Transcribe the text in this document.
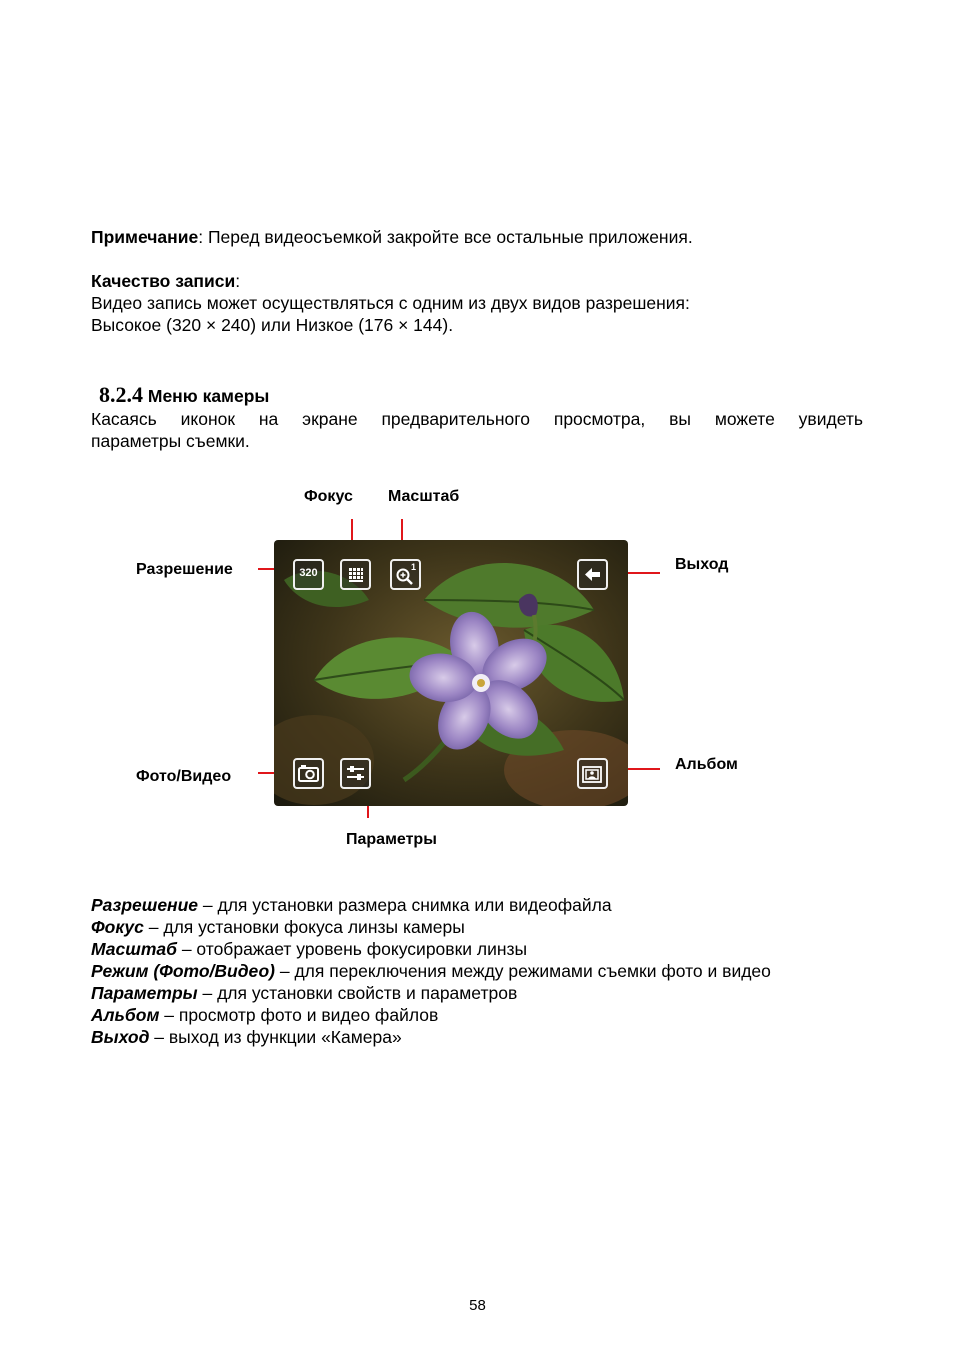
Примечание: Перед видеосъемкой закройте все остальные приложения.
Качество записи:
Видео запись может осуществляться с одним из двух видов разрешения:
Высокое (320 × 240) или Низкое (176 × 144).
8.2.4 Меню камеры
Касаясь иконок на экране предварительного просмотра, вы можете увидеть
параметры съемки.
Фокус Масштаб
Разрешение	Выход
Фото/Видео
Альбом
Параметры
320	1
Разрешение – для установки размера снимка или видеофайла
Фокус – для установки фокуса линзы камеры
Масштаб – отображает уровень фокусировки линзы
Режим (Фото/Видео) – для переключения между режимами съемки фото и видео
Параметры – для установки свойств и параметров
Альбом – просмотр фото и видео файлов
Выход – выход из функции «Камера»
58
